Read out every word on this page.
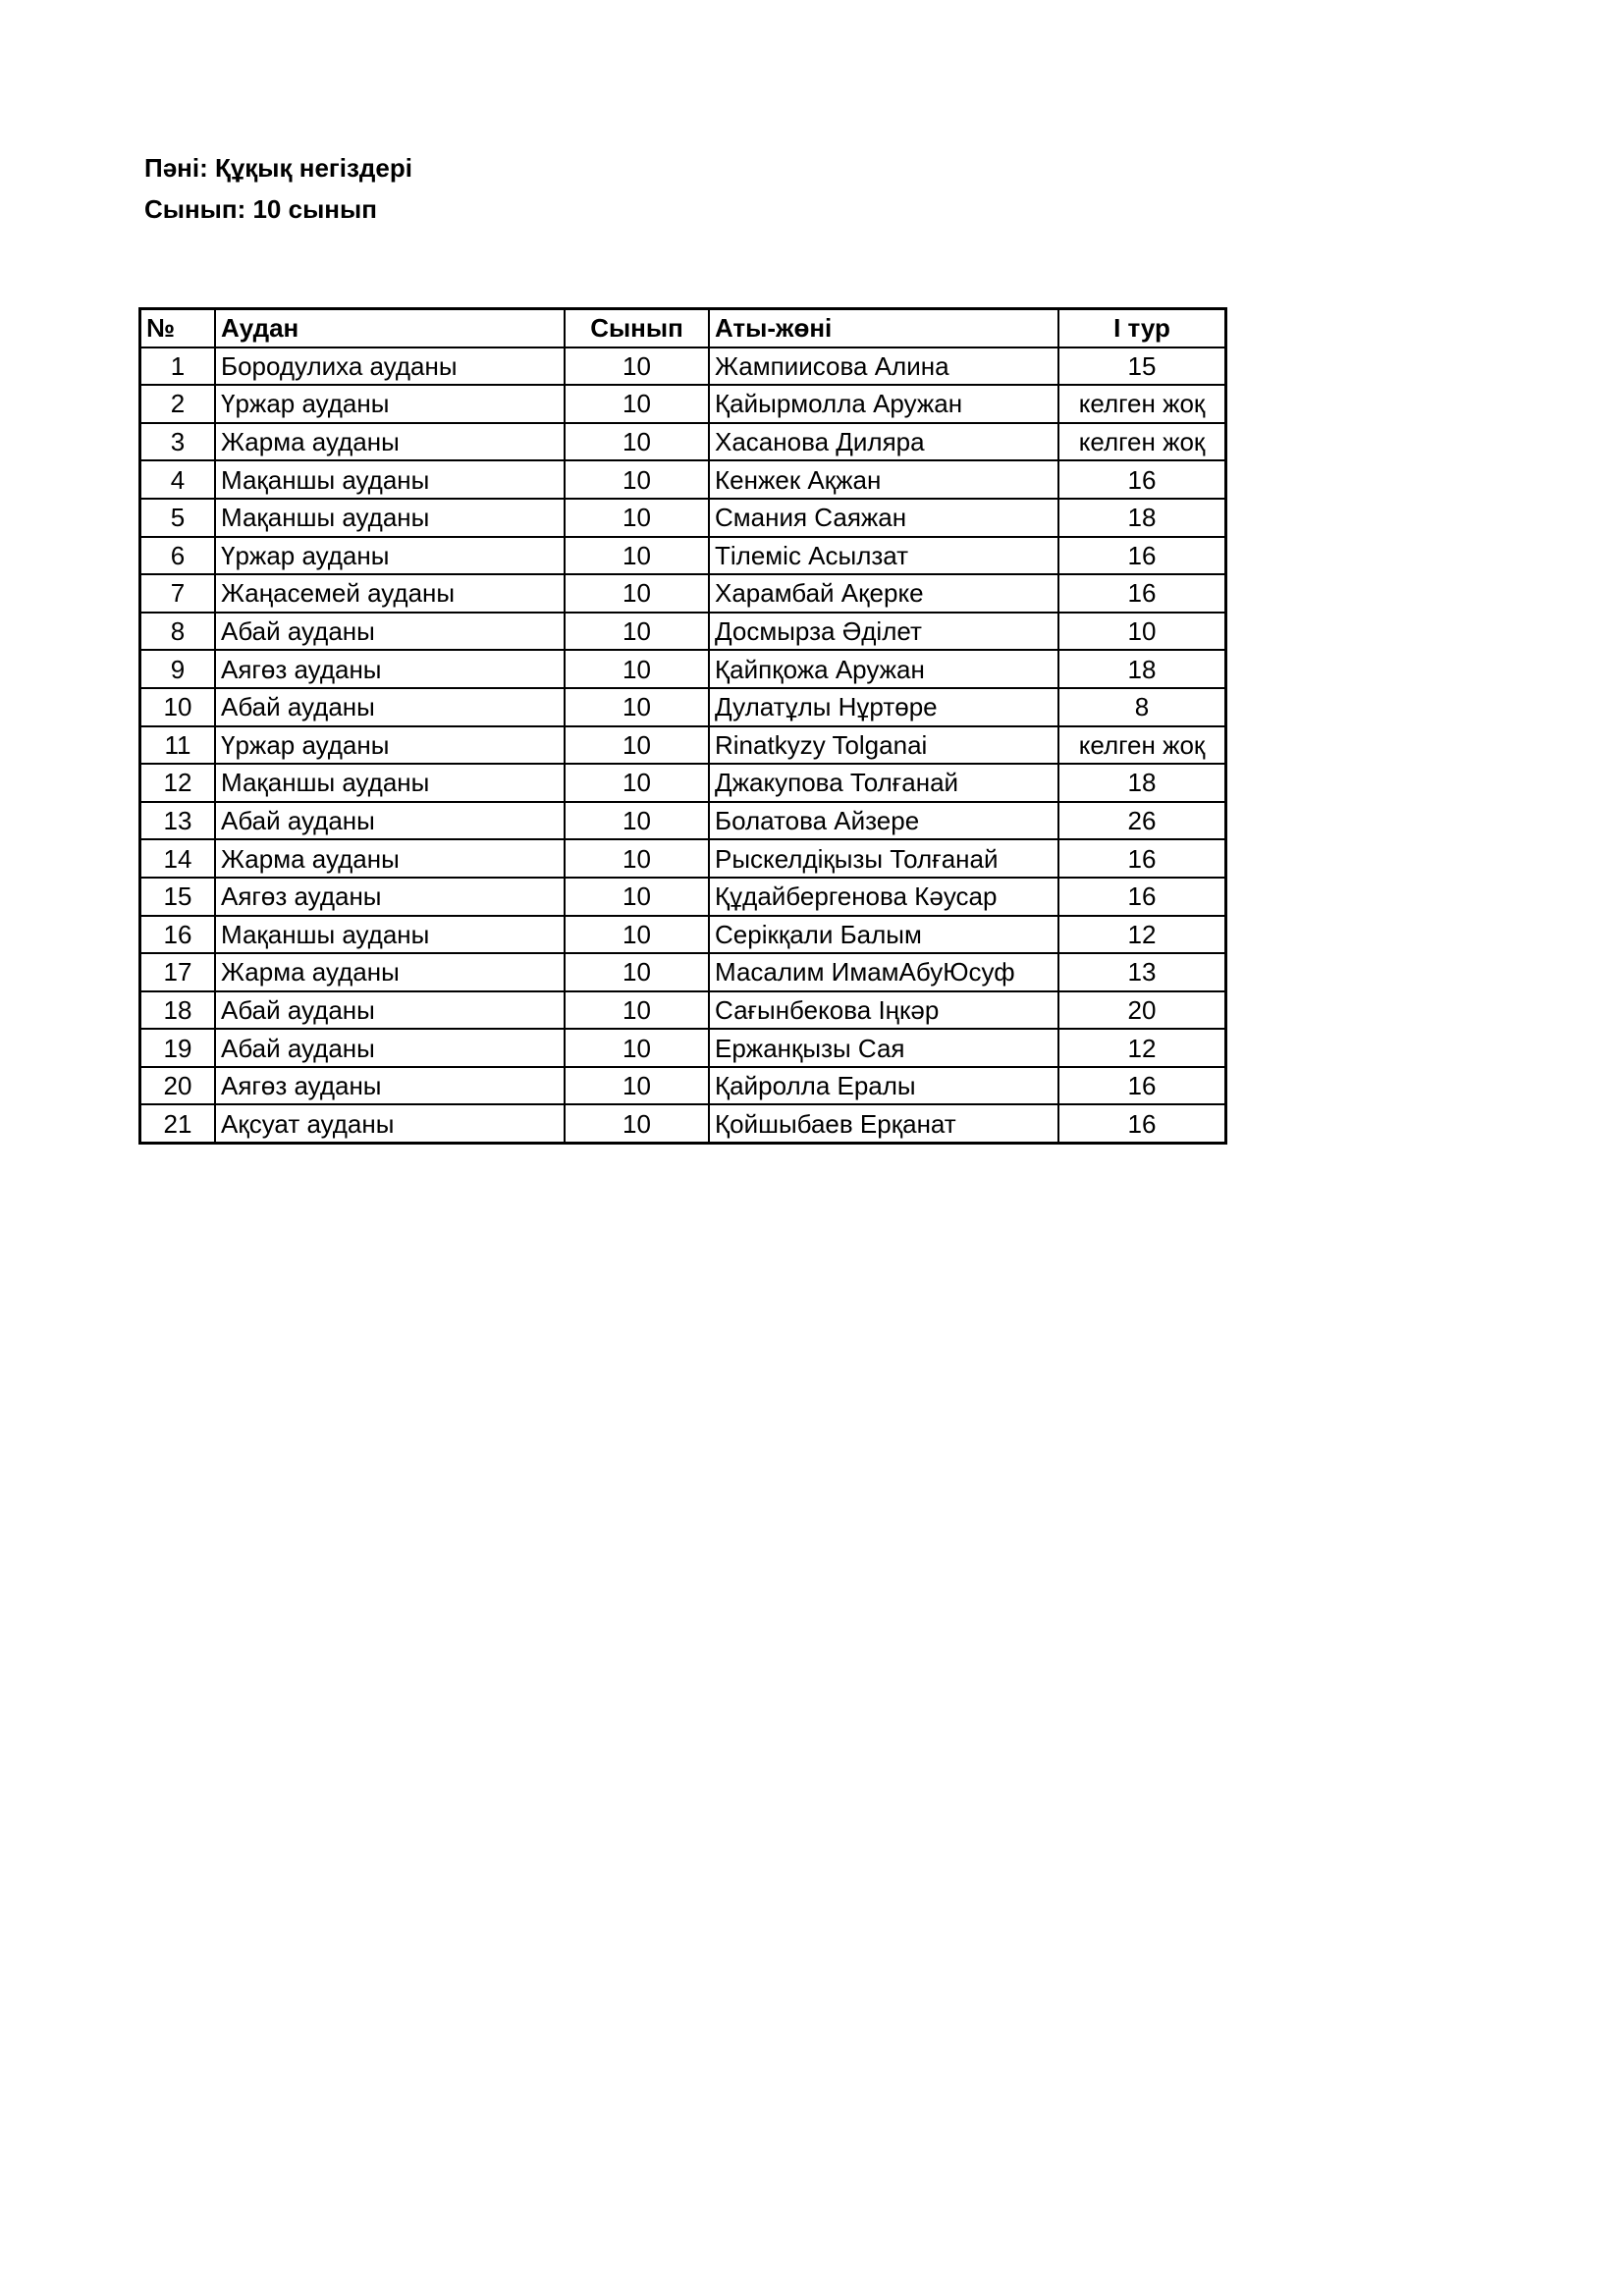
Пәні: Құқық негіздері
Сынып: 10 сынып
№	Аудан	Сынып	Аты-жөні	І тур
1	Бородулиха ауданы	10	Жампиисова Алина	15
2	Үржар ауданы	10	Қайырмолла Аружан	келген жоқ
3	Жарма ауданы	10	Хасанова Диляра	келген жоқ
4	Мақаншы ауданы	10	Кенжек Ақжан	16
5	Мақаншы ауданы	10	Смания Саяжан	18
6	Үржар ауданы	10	Тілеміс Асылзат	16
7	Жаңасемей ауданы	10	Харамбай Ақерке	16
8	Абай ауданы	10	Досмырза Әділет	10
9	Аягөз ауданы	10	Қайпқожа Аружан	18
10	Абай ауданы	10	Дулатұлы Нұртөре	8
11	Үржар ауданы	10	Rinatkyzy Tolganai	келген жоқ
12	Мақаншы ауданы	10	Джакупова Толғанай	18
13	Абай ауданы	10	Болатова Айзере	26
14	Жарма ауданы	10	Рыскелдіқызы Толғанай	16
15	Аягөз ауданы	10	Құдайбергенова Кәусар	16
16	Мақаншы ауданы	10	Серікқали Балым	12
17	Жарма ауданы	10	Масалим ИмамАбуЮсуф	13
18	Абай ауданы	10	Сағынбекова Іңкәр	20
19	Абай ауданы	10	Ержанқызы Сая	12
20	Аягөз ауданы	10	Қайролла Ералы	16
21	Ақсуат ауданы	10	Қойшыбаев Ерқанат	16
